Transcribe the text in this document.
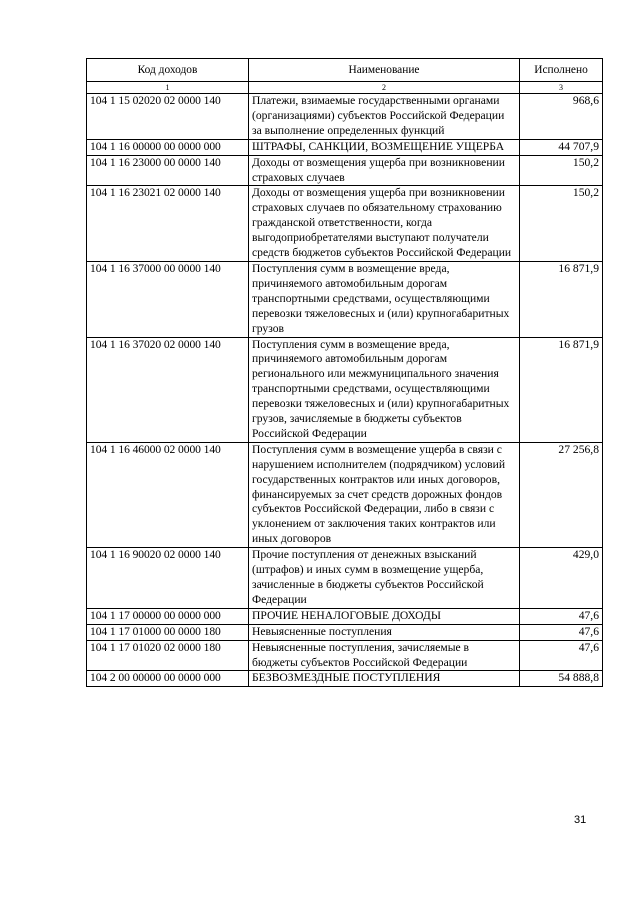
Код доходов	Наименование	Исполнено
1	2	3
104 1 15 02020 02 0000 140	Платежи, взимаемые государственными органами (организациями) субъектов Российской Федерации за выполнение определенных функций	968,6
104 1 16 00000 00 0000 000	ШТРАФЫ, САНКЦИИ, ВОЗМЕЩЕНИЕ УЩЕРБА	44 707,9
104 1 16 23000 00 0000 140	Доходы от возмещения ущерба при возникновении страховых случаев	150,2
104 1 16 23021 02 0000 140	Доходы от возмещения ущерба при возникновении страховых случаев по обязательному страхованию гражданской ответственности, когда выгодоприобретателями выступают получатели средств бюджетов субъектов Российской Федерации	150,2
104 1 16 37000 00 0000 140	Поступления сумм в возмещение вреда, причиняемого автомобильным дорогам транспортными средствами, осуществляющими перевозки тяжеловесных и (или) крупногабаритных грузов	16 871,9
104 1 16 37020 02 0000 140	Поступления сумм в возмещение вреда, причиняемого автомобильным дорогам регионального или межмуниципального значения транспортными средствами, осуществляющими перевозки тяжеловесных и (или) крупногабаритных грузов, зачисляемые в бюджеты субъектов Российской Федерации	16 871,9
104 1 16 46000 02 0000 140	Поступления сумм в возмещение ущерба в связи с нарушением исполнителем (подрядчиком) условий государственных контрактов или иных договоров, финансируемых за счет средств дорожных фондов субъектов Российской Федерации, либо в связи с уклонением от заключения таких контрактов или иных договоров	27 256,8
104 1 16 90020 02 0000 140	Прочие поступления от денежных взысканий (штрафов) и иных сумм в возмещение ущерба, зачисленные в бюджеты субъектов Российской Федерации	429,0
104 1 17 00000 00 0000 000	ПРОЧИЕ НЕНАЛОГОВЫЕ ДОХОДЫ	47,6
104 1 17 01000 00 0000 180	Невыясненные поступления	47,6
104 1 17 01020 02 0000 180	Невыясненные поступления, зачисляемые в бюджеты субъектов Российской Федерации	47,6
104 2 00 00000 00 0000 000	БЕЗВОЗМЕЗДНЫЕ ПОСТУПЛЕНИЯ	54 888,8
31
